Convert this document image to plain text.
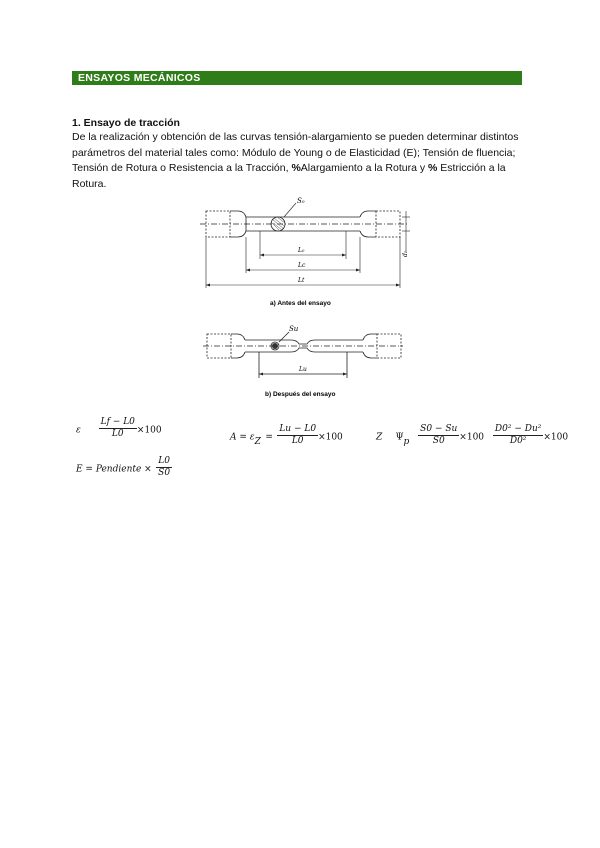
ENSAYOS MECÁNICOS
1. Ensayo de tracción
De la realización y obtención de las curvas tensión-alargamiento se pueden determinar distintos parámetros del material tales como: Módulo de Young o de Elasticidad (E); Tensión de fluencia; Tensión de Rotura o Resistencia a la Tracción, %Alargamiento a la Rotura y % Estricción a la Rotura.
S₀
L₀
Lc
Lt
d₀
a) Antes del ensayo
Su
Lu
b) Después del ensayo
ε $\frac{Lf - L0}{L0} \times 100$
$A = \varepsilon_Z = \frac{Lu - L0}{L0} \times 100$	Z $\Psi_p \frac{S0 - Su}{S0} \times 100 \frac{\text{D0² − Du²}}{\text{D0²}} \times 100$
E = Pendiente × $\frac{L0}{S0}$
